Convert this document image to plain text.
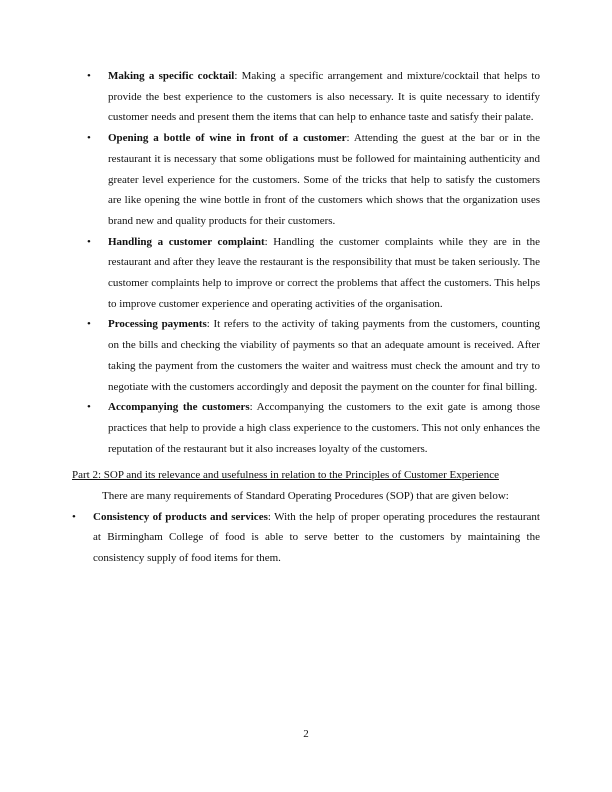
• Making a specific cocktail: Making a specific arrangement and mixture/cocktail that helps to provide the best experience to the customers is also necessary. It is quite necessary to identify customer needs and present them the items that can help to enhance taste and satisfy their palate.
• Opening a bottle of wine in front of a customer: Attending the guest at the bar or in the restaurant it is necessary that some obligations must be followed for maintaining authenticity and greater level experience for the customers. Some of the tricks that help to satisfy the customers are like opening the wine bottle in front of the customers which shows that the organization uses brand new and quality products for their customers.
• Handling a customer complaint: Handling the customer complaints while they are in the restaurant and after they leave the restaurant is the responsibility that must be taken seriously. The customer complaints help to improve or correct the problems that affect the customers. This helps to improve customer experience and operating activities of the organisation.
• Processing payments: It refers to the activity of taking payments from the customers, counting on the bills and checking the viability of payments so that an adequate amount is received. After taking the payment from the customers the waiter and waitress must check the amount and try to negotiate with the customers accordingly and deposit the payment on the counter for final billing.
• Accompanying the customers: Accompanying the customers to the exit gate is among those practices that help to provide a high class experience to the customers. This not only enhances the reputation of the restaurant but it also increases loyalty of the customers.
Part 2: SOP and its relevance and usefulness in relation to the Principles of Customer Experience

There are many requirements of Standard Operating Procedures (SOP) that are given below:

• Consistency of products and services: With the help of proper operating procedures the restaurant at Birmingham College of food is able to serve better to the customers by maintaining the consistency supply of food items for them.
2
